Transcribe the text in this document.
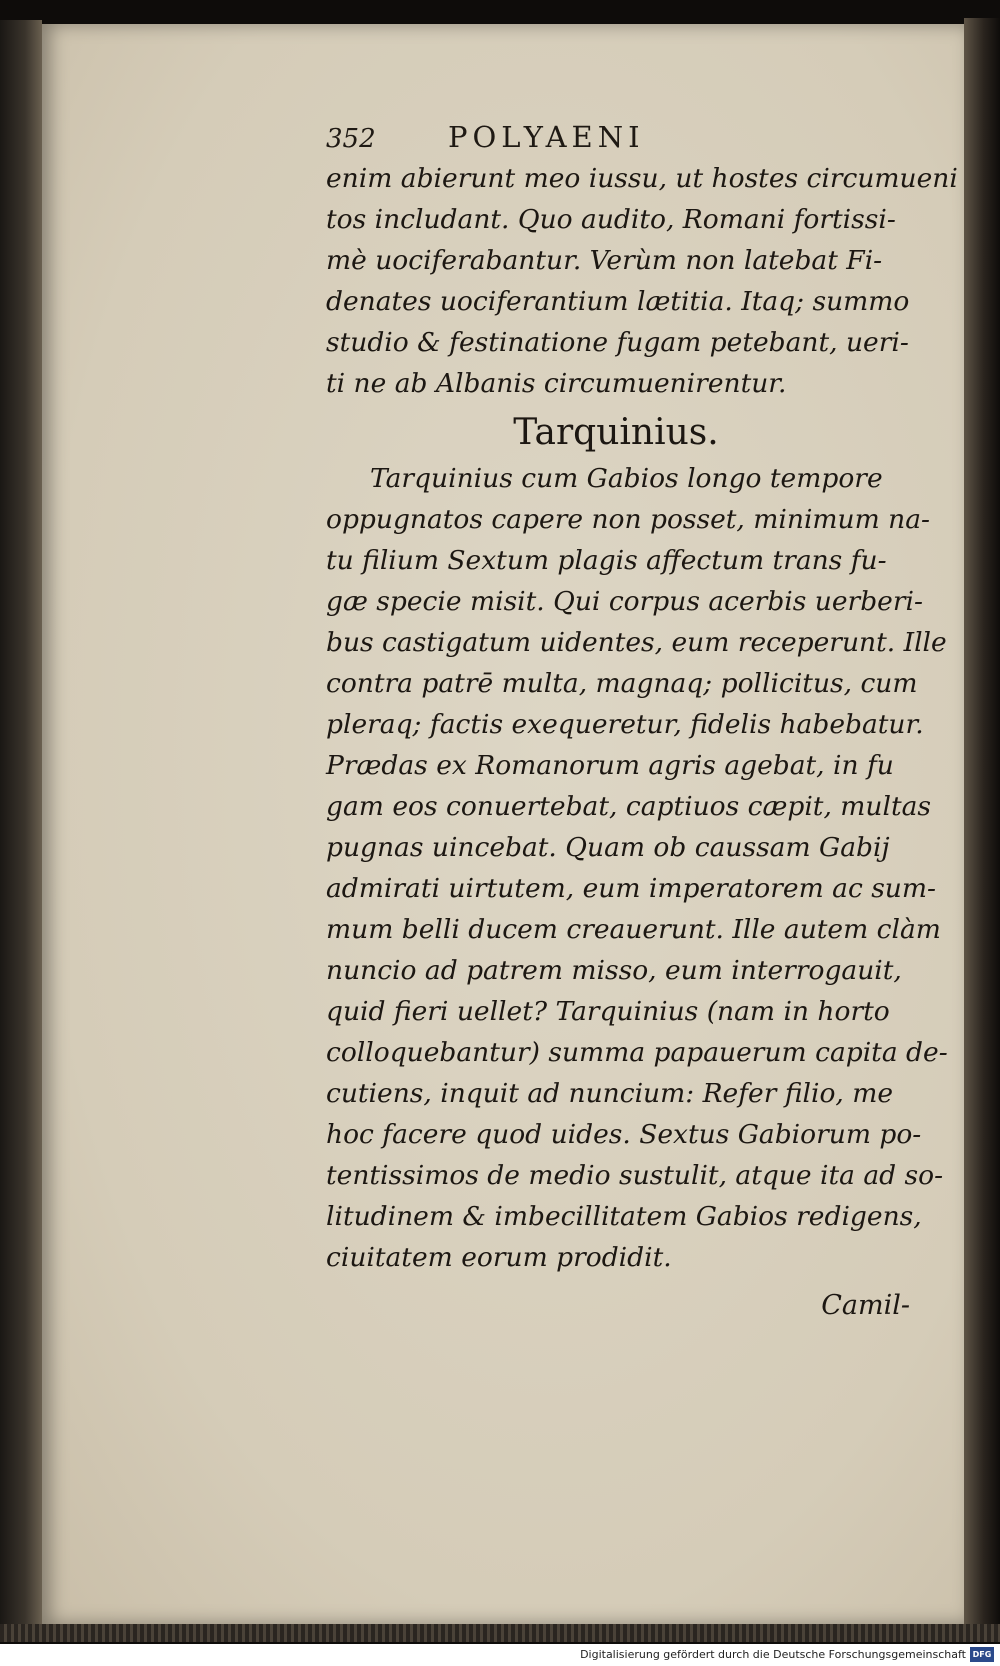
352 POLYAENI
enim abierunt meo iussu, ut hostes circumueni
tos includant. Quo audito, Romani fortissi-
mè uociferabantur. Verùm non latebat Fi-
denates uociferantium lætitia. Itaq; summo
studio & festinatione fugam petebant, ueri-
ti ne ab Albanis circumuenirentur.
Tarquinius.
Tarquinius cum Gabios longo tempore
oppugnatos capere non posset, minimum na-
tu filium Sextum plagis affectum trans fu-
gæ specie misit. Qui corpus acerbis uerberi-
bus castigatum uidentes, eum receperunt. Ille
contra patrē multa, magnaq; pollicitus, cum
pleraq; factis exequeretur, fidelis habebatur.
Prædas ex Romanorum agris agebat, in fu
gam eos conuertebat, captiuos cæpit, multas
pugnas uincebat. Quam ob caussam Gabij
admirati uirtutem, eum imperatorem ac sum-
mum belli ducem creauerunt. Ille autem clàm
nuncio ad patrem misso, eum interrogauit,
quid fieri uellet? Tarquinius (nam in horto
colloquebantur) summa papauerum capita de-
cutiens, inquit ad nuncium: Refer filio, me
hoc facere quod uides. Sextus Gabiorum po-
tentissimos de medio sustulit, atque ita ad so-
litudinem & imbecillitatem Gabios redigens,
ciuitatem eorum prodidit.
Camil-
Digitalisierung gefördert durch die Deutsche Forschungsgemeinschaft DFG
